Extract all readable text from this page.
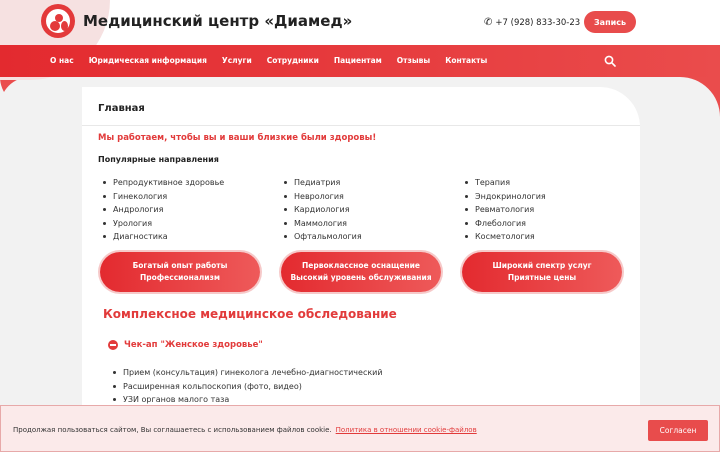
Медицинский центр «Диамед»	✆ +7 (928) 833-30-23	Запись
О нас Юридическая информация Услуги Сотрудники Пациентам Отзывы Контакты
Главная
Мы работаем, чтобы вы и ваши близкие были здоровы!
Популярные направления
Репродуктивное здоровье
Гинекология
Андрология
Урология
Диагностика
Педиатрия
Неврология
Кардиология
Маммология
Офтальмология
Терапия
Эндокринология
Ревматология
Флебология
Косметология
Богатый опыт работы
Профессионализм
Первоклассное оснащение
Высокий уровень обслуживания
Широкий спектр услуг
Приятные цены
Комплексное медицинское обследование
Чек-ап "Женское здоровье"
Прием (консультация) гинеколога лечебно-диагностический
Расширенная кольпоскопия (фото, видео)
УЗИ органов малого таза
Продолжая пользоваться сайтом, Вы соглашаетесь с использованием файлов cookie. Политика в отношении cookie-файлов	Согласен
